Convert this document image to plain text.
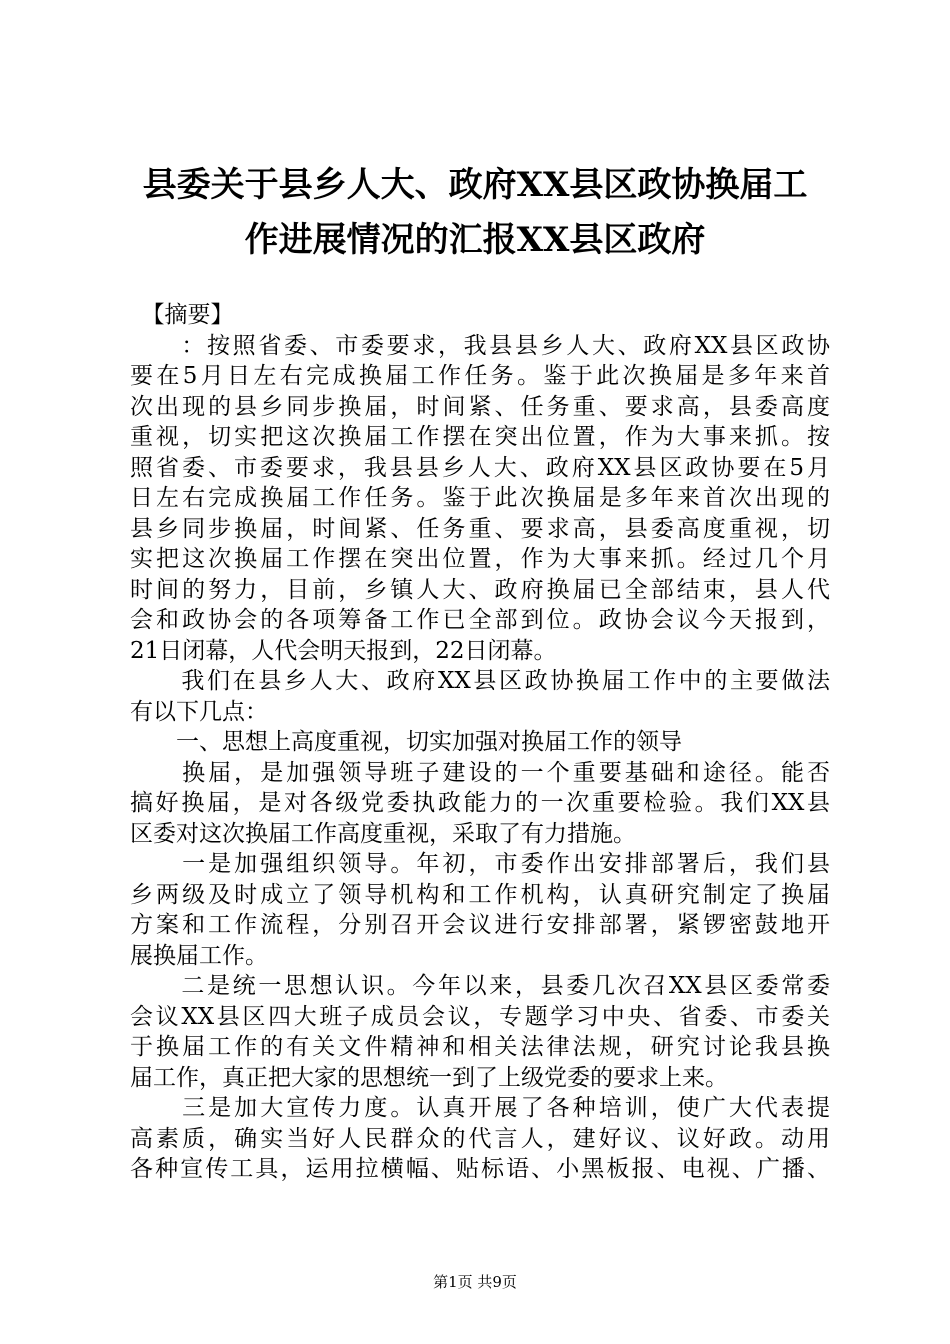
县委关于县乡人大、政府XX县区政协换届工
作进展情况的汇报XX县区政府
　【摘要】
　　：按照省委、市委要求，我县县乡人大、政府XX县区政协
要在5月日左右完成换届工作任务。鉴于此次换届是多年来首
次出现的县乡同步换届，时间紧、任务重、要求高，县委高度
重视，切实把这次换届工作摆在突出位置，作为大事来抓。按
照省委、市委要求，我县县乡人大、政府XX县区政协要在5月
日左右完成换届工作任务。鉴于此次换届是多年来首次出现的
县乡同步换届，时间紧、任务重、要求高，县委高度重视，切
实把这次换届工作摆在突出位置，作为大事来抓。经过几个月
时间的努力，目前，乡镇人大、政府换届已全部结束，县人代
会和政协会的各项筹备工作已全部到位。政协会议今天报到，
21日闭幕，人代会明天报到，22日闭幕。
　　我们在县乡人大、政府XX县区政协换届工作中的主要做法
有以下几点：
　　一、思想上高度重视，切实加强对换届工作的领导
　　换届，是加强领导班子建设的一个重要基础和途径。能否
搞好换届，是对各级党委执政能力的一次重要检验。我们XX县
区委对这次换届工作高度重视，采取了有力措施。
　　一是加强组织领导。年初，市委作出安排部署后，我们县
乡两级及时成立了领导机构和工作机构，认真研究制定了换届
方案和工作流程，分别召开会议进行安排部署，紧锣密鼓地开
展换届工作。
　　二是统一思想认识。今年以来，县委几次召XX县区委常委
会议XX县区四大班子成员会议，专题学习中央、省委、市委关
于换届工作的有关文件精神和相关法律法规，研究讨论我县换
届工作，真正把大家的思想统一到了上级党委的要求上来。
　　三是加大宣传力度。认真开展了各种培训，使广大代表提
高素质，确实当好人民群众的代言人，建好议、议好政。动用
各种宣传工具，运用拉横幅、贴标语、小黑板报、电视、广播、
第1页 共9页
